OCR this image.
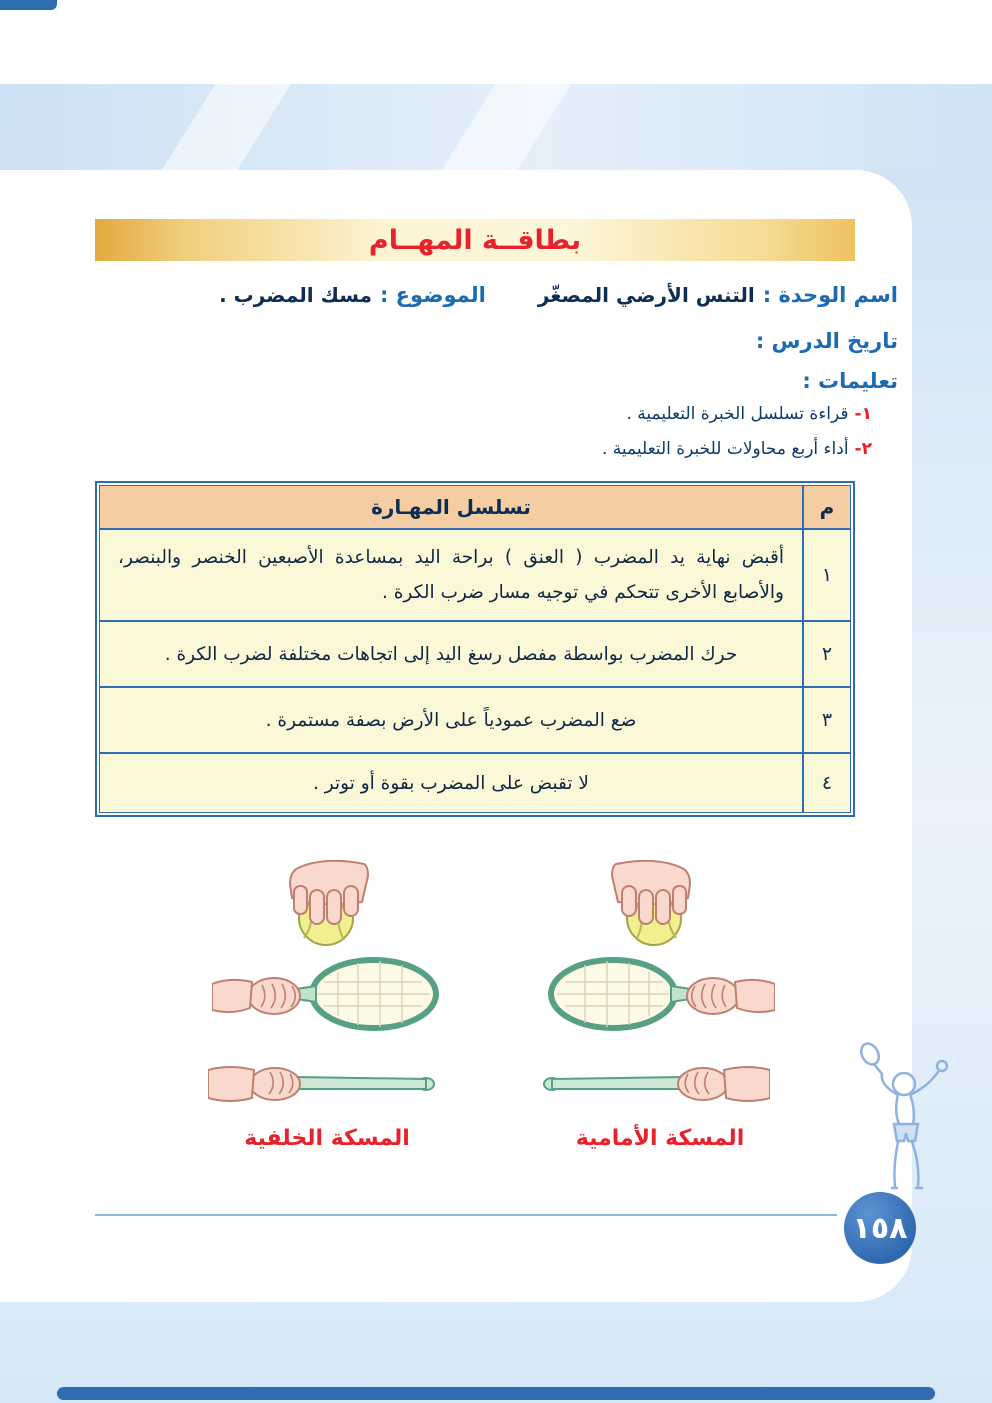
بطاقــة المهــام
اسم الوحدة :
التنس الأرضي المصغّر
الموضوع :
مسك المضرب .
تاريخ الدرس :
تعليمات :
١-قراءة تسلسل الخبرة التعليمية .
٢-أداء أربع محاولات للخبرة التعليمية .
م
تسلسل المهـارة
١

أقبض نهاية يد المضرب ( العنق ) براحة اليد بمساعدة الأصبعين الخنصر والبنصر، والأصابع الأخرى تتحكم في توجيه مسار ضرب الكرة .

٢

حرك المضرب بواسطة مفصل رسغ اليد إلى اتجاهات مختلفة لضرب الكرة .

٣

ضع المضرب عمودياً على الأرض بصفة مستمرة .

٤

لا تقبض على المضرب بقوة أو توتر .

المسكة الأمامية
المسكة الخلفية
١٥٨
